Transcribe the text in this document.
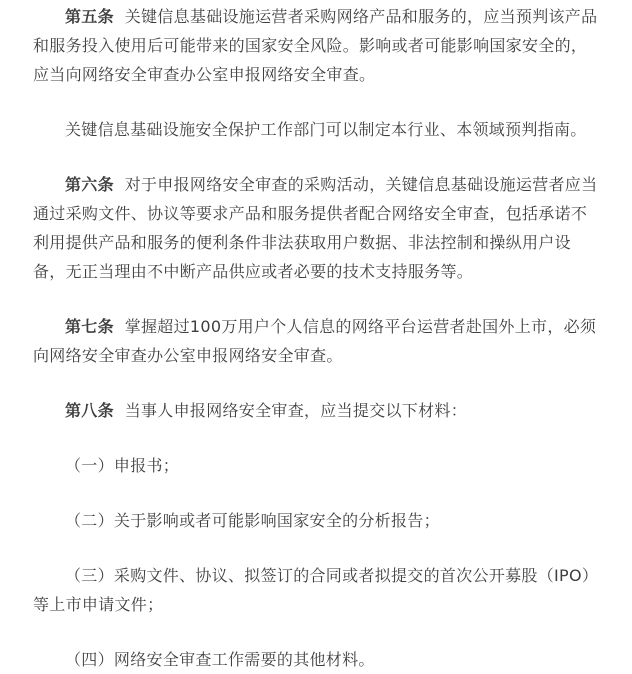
第五条 关键信息基础设施运营者采购网络产品和服务的，应当预判该产品和服务投入使用后可能带来的国家安全风险。影响或者可能影响国家安全的，应当向网络安全审查办公室申报网络安全审查。

关键信息基础设施安全保护工作部门可以制定本行业、本领域预判指南。

第六条 对于申报网络安全审查的采购活动，关键信息基础设施运营者应当通过采购文件、协议等要求产品和服务提供者配合网络安全审查，包括承诺不利用提供产品和服务的便利条件非法获取用户数据、非法控制和操纵用户设备，无正当理由不中断产品供应或者必要的技术支持服务等。

第七条 掌握超过100万用户个人信息的网络平台运营者赴国外上市，必须向网络安全审查办公室申报网络安全审查。

第八条 当事人申报网络安全审查，应当提交以下材料：

（一）申报书；

（二）关于影响或者可能影响国家安全的分析报告；

（三）采购文件、协议、拟签订的合同或者拟提交的首次公开募股（IPO）等上市申请文件；

（四）网络安全审查工作需要的其他材料。
